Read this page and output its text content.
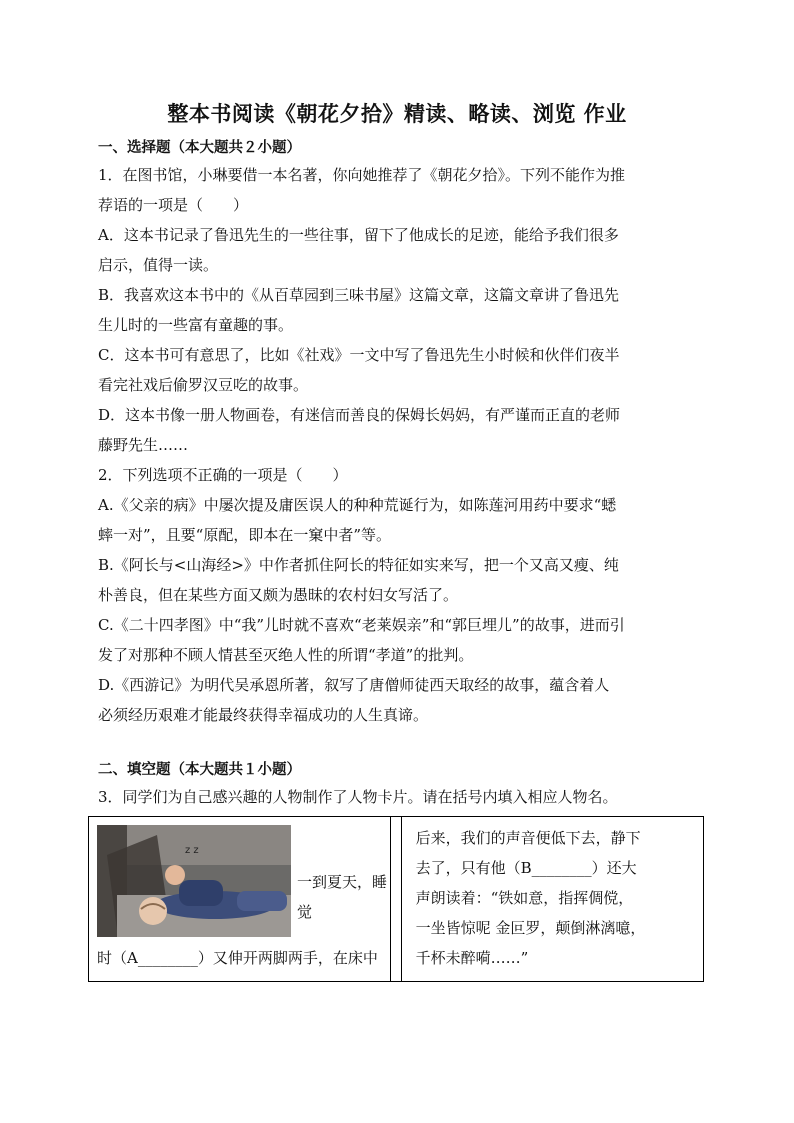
整本书阅读《朝花夕拾》精读、略读、浏览 作业
一、选择题（本大题共２小题）

1．在图书馆，小琳要借一本名著，你向她推荐了《朝花夕拾》。下列不能作为推
荐语的一项是（　　）

A．这本书记录了鲁迅先生的一些往事，留下了他成长的足迹，能给予我们很多
启示，值得一读。

B．我喜欢这本书中的《从百草园到三味书屋》这篇文章，这篇文章讲了鲁迅先
生儿时的一些富有童趣的事。

C．这本书可有意思了，比如《社戏》一文中写了鲁迅先生小时候和伙伴们夜半
看完社戏后偷罗汉豆吃的故事。

D．这本书像一册人物画卷，有迷信而善良的保姆长妈妈，有严谨而正直的老师
藤野先生……

2．下列选项不正确的一项是（　　）

A.《父亲的病》中屡次提及庸医误人的种种荒诞行为，如陈莲河用药中要求“蟋
蟀一对”，且要“原配，即本在一窠中者”等。

B.《阿长与<山海经>》中作者抓住阿长的特征如实来写，把一个又高又瘦、纯
朴善良，但在某些方面又颇为愚昧的农村妇女写活了。

C.《二十四孝图》中“我”儿时就不喜欢“老莱娱亲”和“郭巨埋儿”的故事，进而引
发了对那种不顾人情甚至灭绝人性的所谓“孝道”的批判。

D.《西游记》为明代吴承恩所著，叙写了唐僧师徒西天取经的故事，蕴含着人
必须经历艰难才能最终获得幸福成功的人生真谛。

二、填空题（本大题共１小题）

3．同学们为自己感兴趣的人物制作了人物卡片。请在括号内填入相应人物名。

z z
一到夏天，睡觉
时（A________）又伸开两脚两手，在床中

后来，我们的声音便低下去，静下
去了，只有他（B________）还大
声朗读着：“铁如意，指挥倜傥，
一坐皆惊呢 金叵罗，颠倒淋漓噫，
千杯未醉嗬……”
